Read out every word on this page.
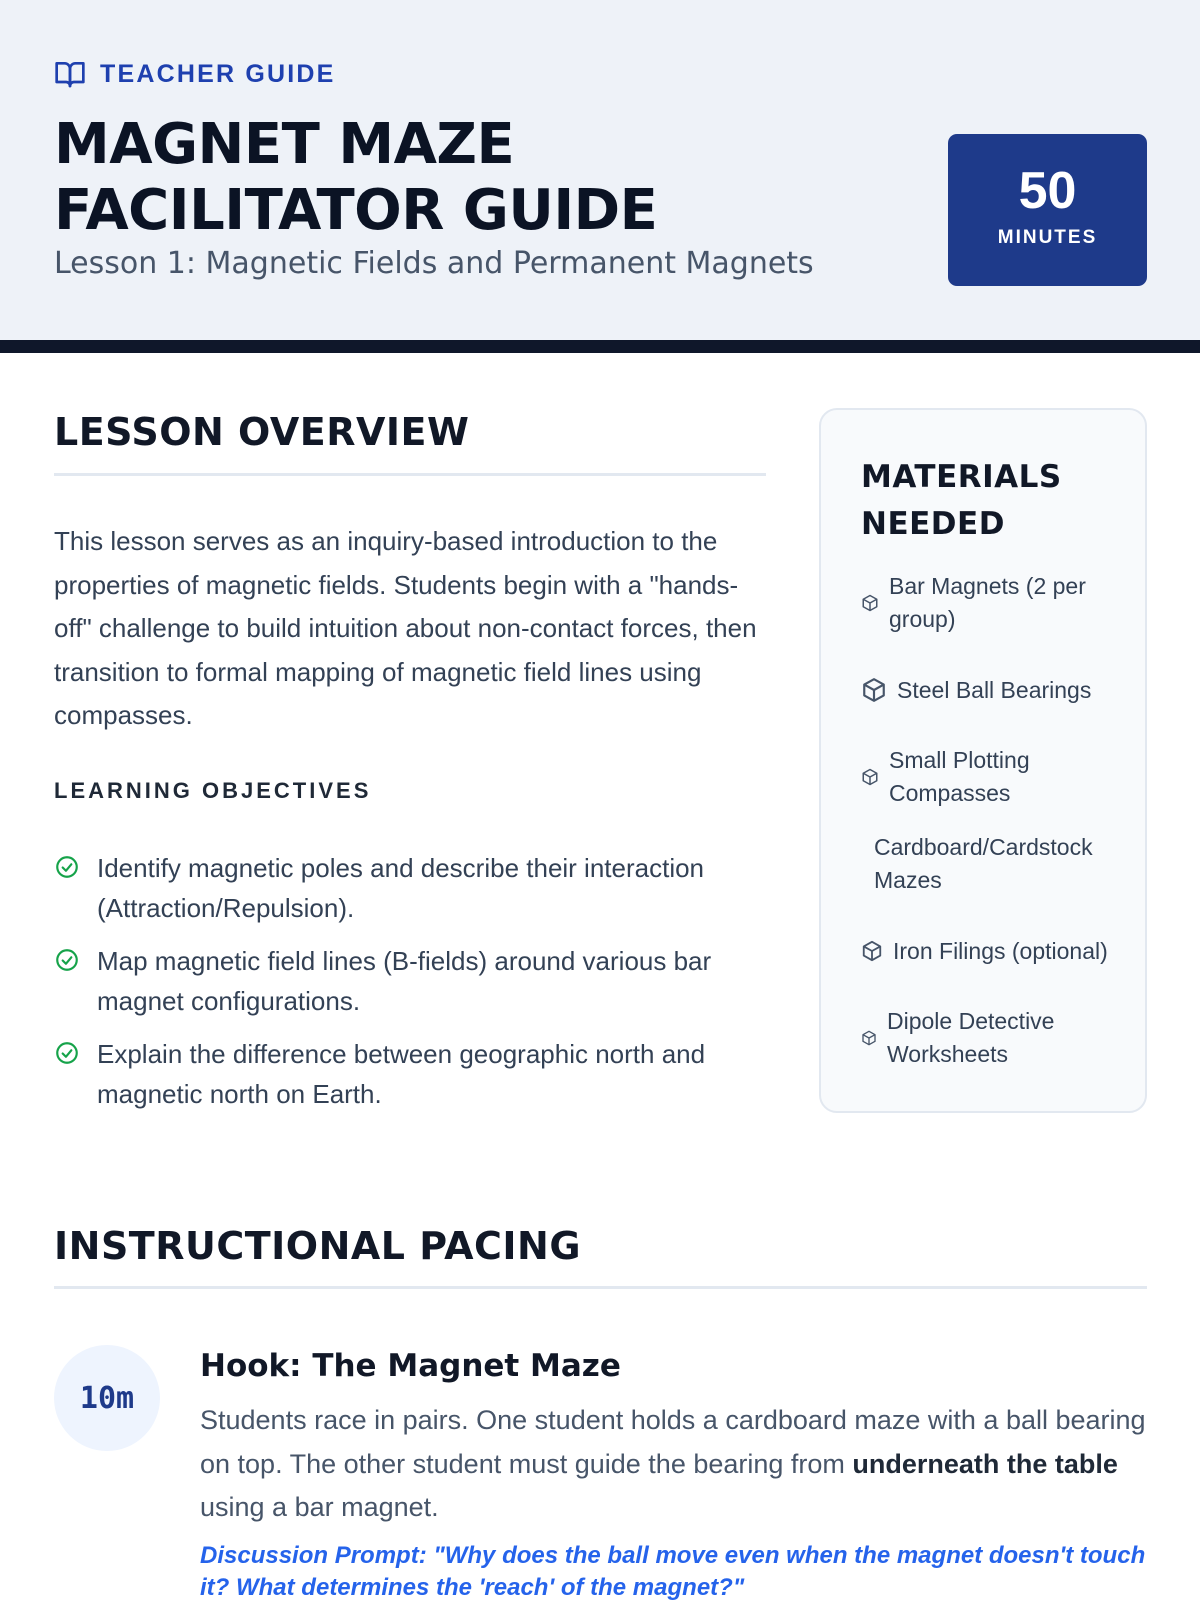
TEACHER GUIDE
MAGNET MAZE
FACILITATOR GUIDE
Lesson 1: Magnetic Fields and Permanent Magnets
50
MINUTES
LESSON OVERVIEW

This lesson serves as an inquiry-based introduction to the properties of magnetic fields. Students begin with a "hands-off" challenge to build intuition about non-contact forces, then transition to formal mapping of magnetic field lines using compasses.

LEARNING OBJECTIVES
Identify magnetic poles and describe their interaction (Attraction/Repulsion).
Map magnetic field lines (B-fields) around various bar magnet configurations.
Explain the difference between geographic north and magnetic north on Earth.
MATERIALS NEEDED
Bar Magnets (2 per group)
Steel Ball Bearings
Small Plotting Compasses
Cardboard/Cardstock Mazes
Iron Filings (optional)
Dipole Detective Worksheets
INSTRUCTIONAL PACING
10m
Hook: The Magnet Maze

Students race in pairs. One student holds a cardboard maze with a ball bearing on top. The other student must guide the bearing from underneath the table using a bar magnet.

Discussion Prompt: "Why does the ball move even when the magnet doesn't touch it? What determines the 'reach' of the magnet?"
